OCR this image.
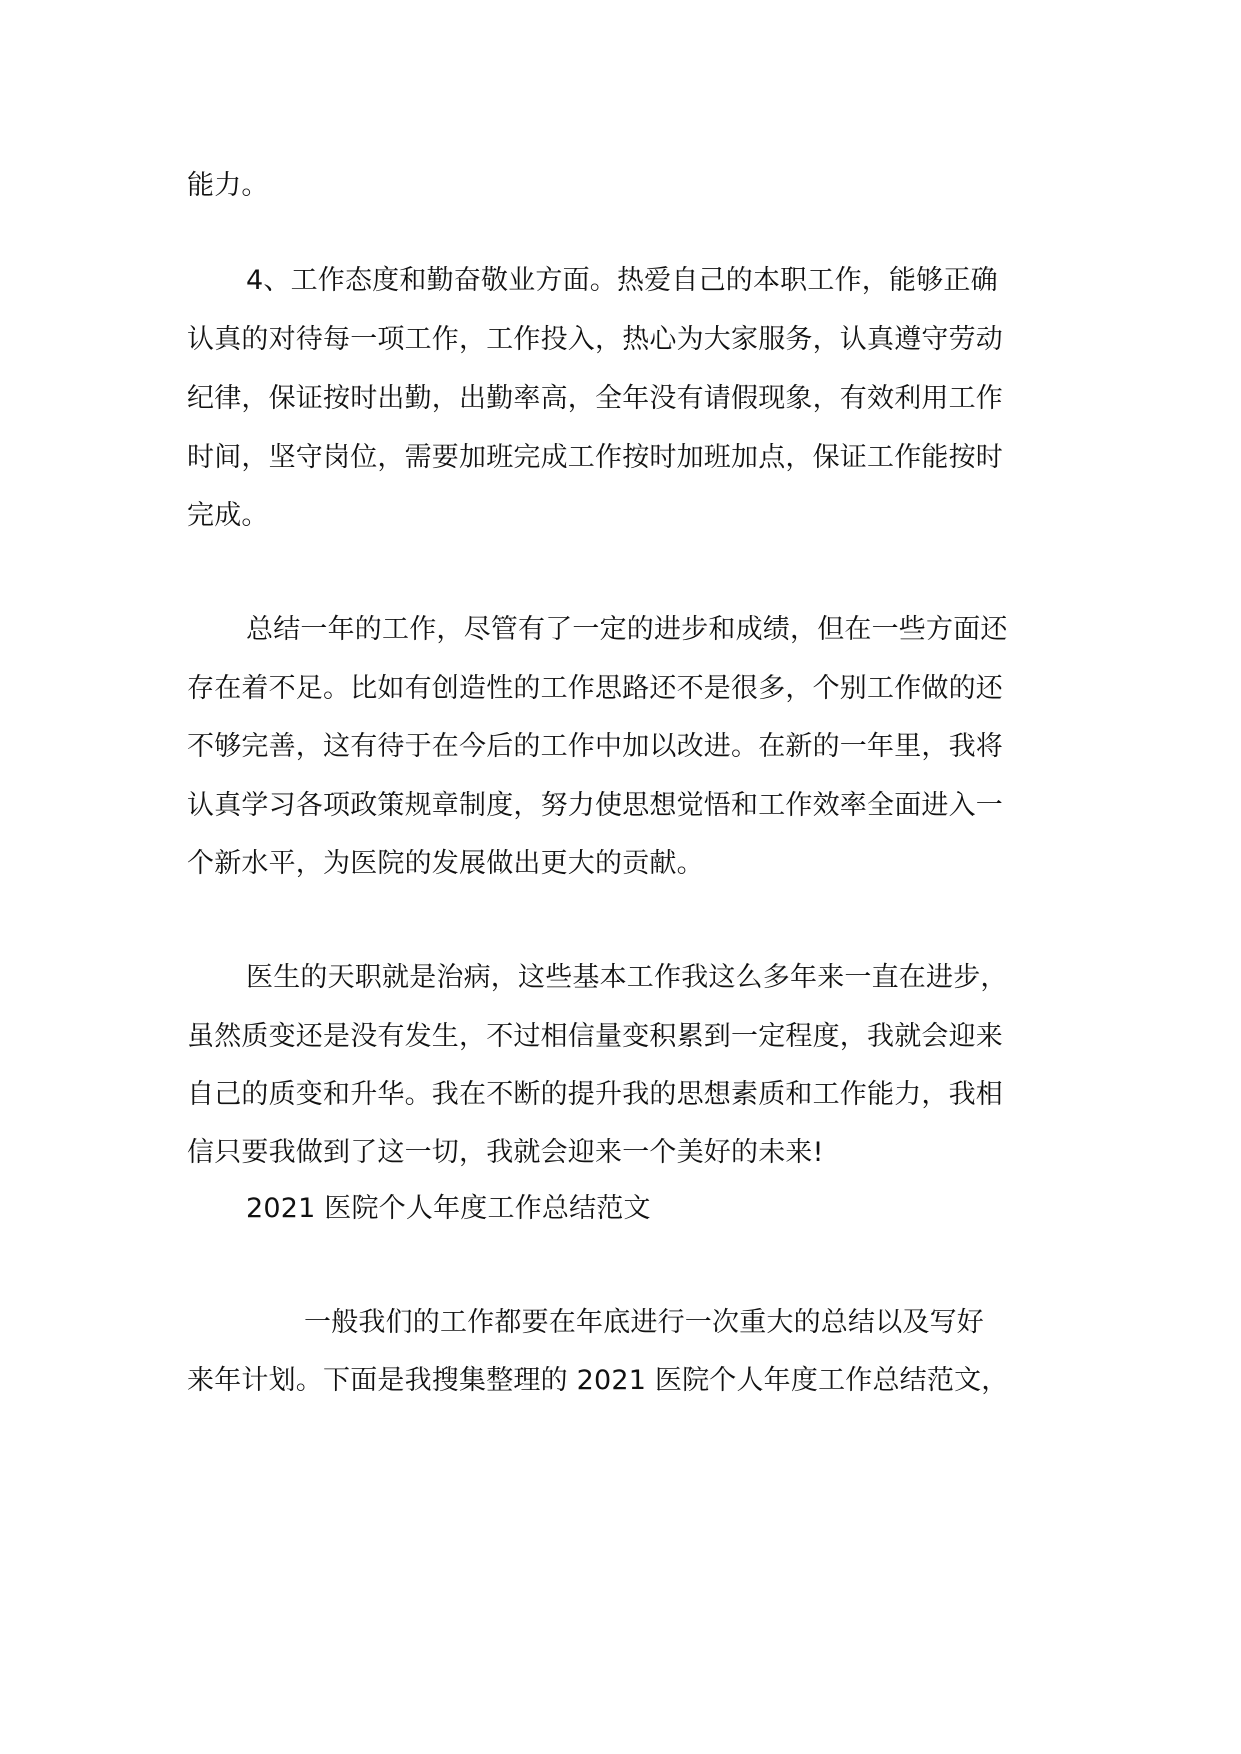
能力。
4、工作态度和勤奋敬业方面。热爱自己的本职工作，能够正确
认真的对待每一项工作，工作投入，热心为大家服务，认真遵守劳动
纪律，保证按时出勤，出勤率高，全年没有请假现象，有效利用工作
时间，坚守岗位，需要加班完成工作按时加班加点，保证工作能按时
完成。
总结一年的工作，尽管有了一定的进步和成绩，但在一些方面还
存在着不足。比如有创造性的工作思路还不是很多，个别工作做的还
不够完善，这有待于在今后的工作中加以改进。在新的一年里，我将
认真学习各项政策规章制度，努力使思想觉悟和工作效率全面进入一
个新水平，为医院的发展做出更大的贡献。
医生的天职就是治病，这些基本工作我这么多年来一直在进步，
虽然质变还是没有发生，不过相信量变积累到一定程度，我就会迎来
自己的质变和升华。我在不断的提升我的思想素质和工作能力，我相
信只要我做到了这一切，我就会迎来一个美好的未来!
2021 医院个人年度工作总结范文
一般我们的工作都要在年底进行一次重大的总结以及写好
来年计划。下面是我搜集整理的 2021 医院个人年度工作总结范文，
